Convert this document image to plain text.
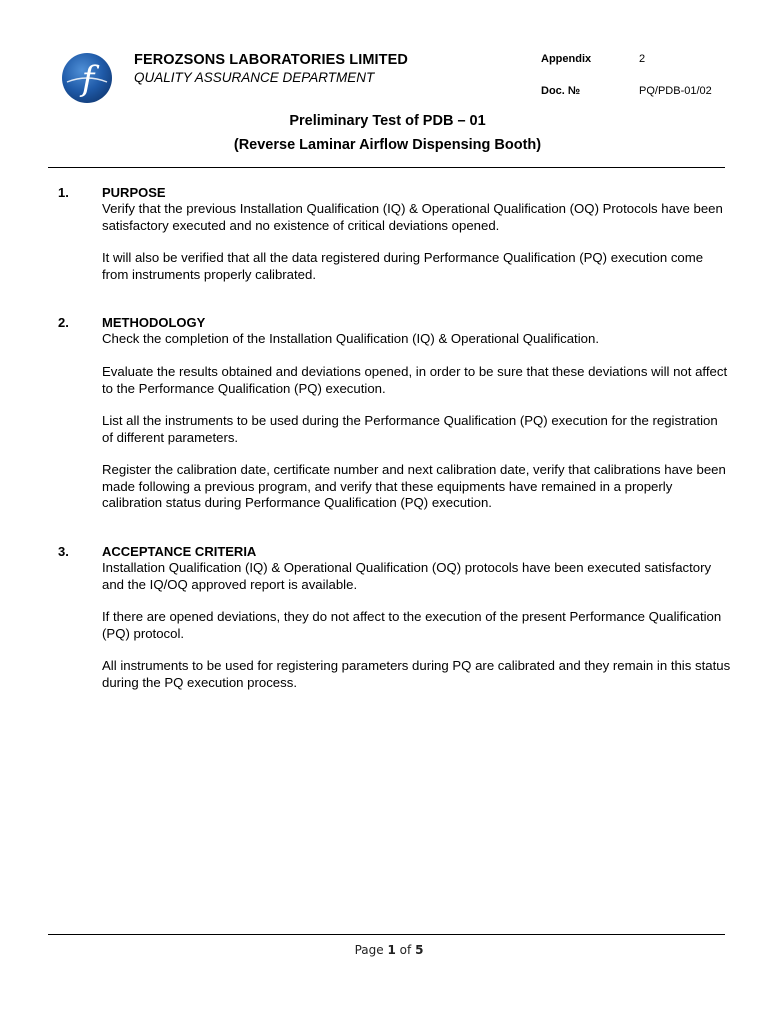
f	FEROZSONS LABORATORIES LIMITED
QUALITY ASSURANCE DEPARTMENT
Appendix	2
Doc. №	PQ/PDB-01/02
Preliminary Test of PDB – 01
(Reverse Laminar Airflow Dispensing Booth)
1.	PURPOSE
Verify that the previous Installation Qualification (IQ) & Operational Qualification (OQ) Protocols have been satisfactory executed and no existence of critical deviations opened.
It will also be verified that all the data registered during Performance Qualification (PQ) execution come from instruments properly calibrated.
2.	METHODOLOGY
Check the completion of the Installation Qualification (IQ) & Operational Qualification.
Evaluate the results obtained and deviations opened, in order to be sure that these deviations will not affect to the Performance Qualification (PQ) execution.
List all the instruments to be used during the Performance Qualification (PQ) execution for the registration of different parameters.
Register the calibration date, certificate number and next calibration date, verify that calibrations have been made following a previous program, and verify that these equipments have remained in a properly calibration status during Performance Qualification (PQ) execution.
3.	ACCEPTANCE CRITERIA
Installation Qualification (IQ) & Operational Qualification (OQ) protocols have been executed satisfactory and the IQ/OQ approved report is available.
If there are opened deviations, they do not affect to the execution of the present Performance Qualification (PQ) protocol.
All instruments to be used for registering parameters during PQ are calibrated and they remain in this status during the PQ execution process.
Page 1 of 5
